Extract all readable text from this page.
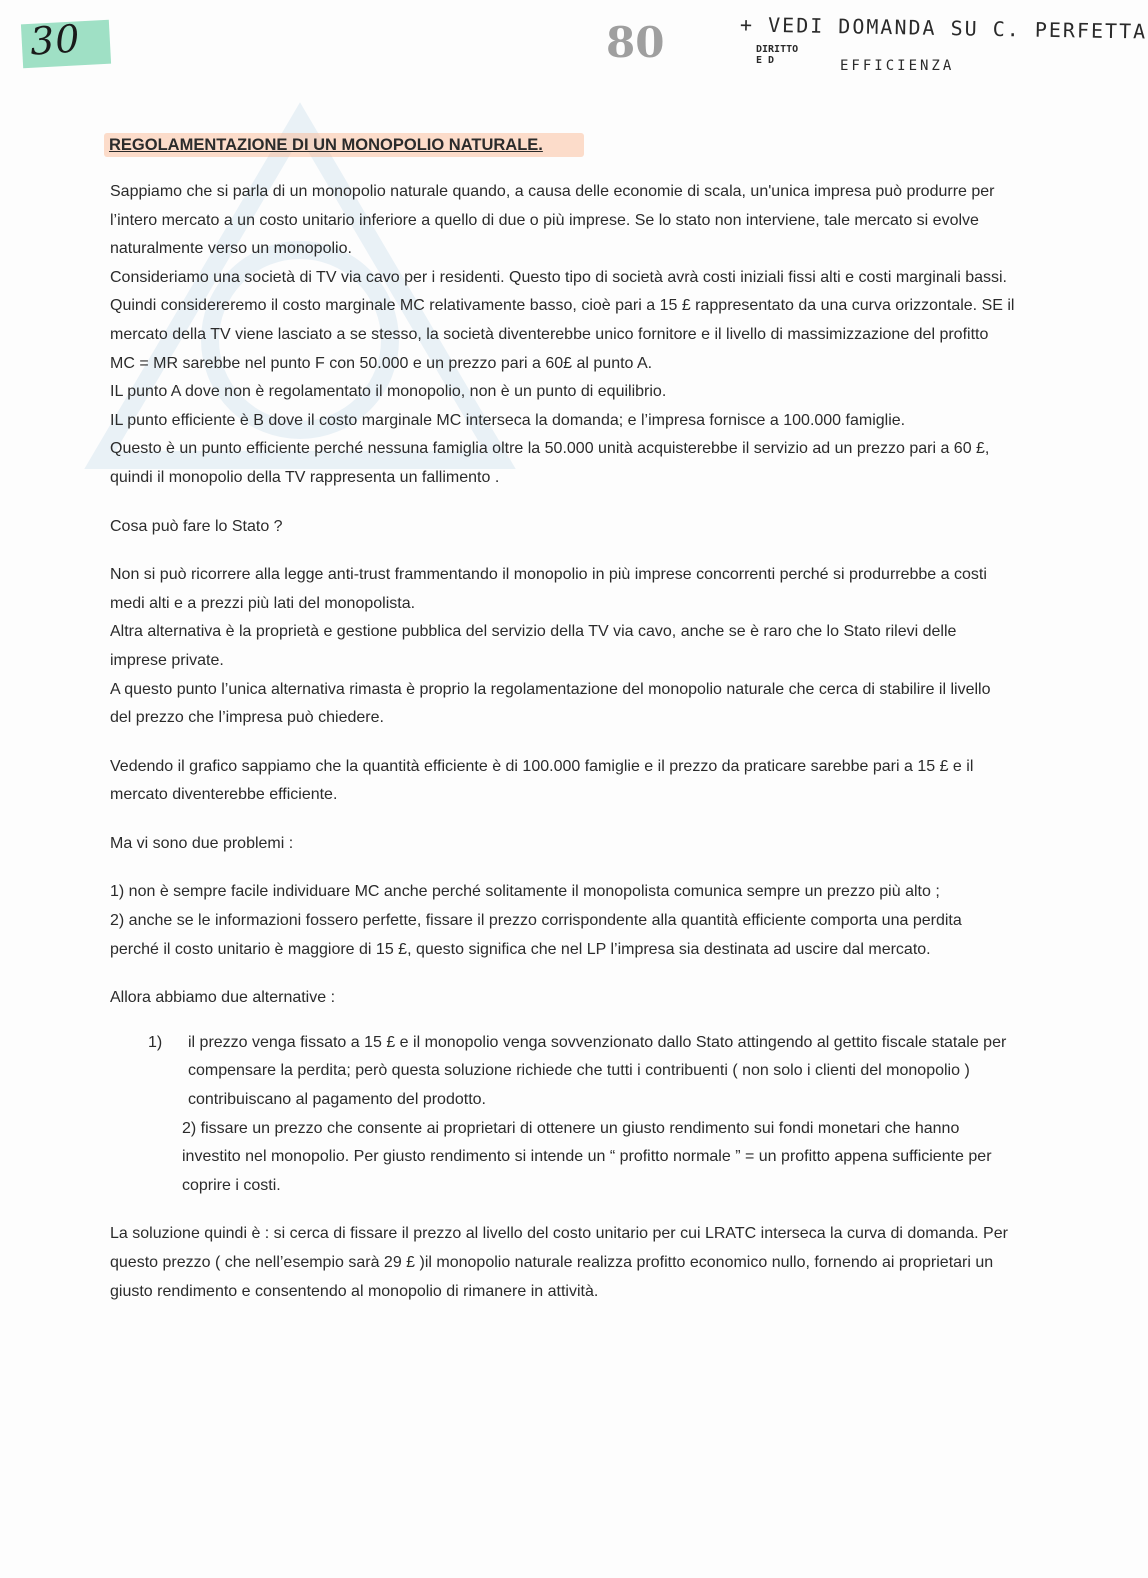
30	80	+ VEDI DOMANDA SU C. PERFETTA
DIRITTO
E D	EFFICIENZA
REGOLAMENTAZIONE DI UN MONOPOLIO NATURALE.

Sappiamo che si parla di un monopolio naturale quando, a causa delle economie di scala, un'unica impresa può produrre per l’intero mercato a un costo unitario inferiore a quello di due o più imprese. Se lo stato non interviene, tale mercato si evolve naturalmente verso un monopolio.

Consideriamo una società di TV via cavo per i residenti. Questo tipo di società avrà costi iniziali fissi alti e costi marginali bassi. Quindi considereremo il costo marginale MC relativamente basso, cioè pari a 15 £ rappresentato da una curva orizzontale. SE il mercato della TV viene lasciato a se stesso, la società diventerebbe unico fornitore e il livello di massimizzazione del profitto MC = MR sarebbe nel punto F con 50.000 e un prezzo pari a 60£ al punto A.

IL punto A dove non è regolamentato il monopolio, non è un punto di equilibrio.

IL punto efficiente è B dove il costo marginale MC interseca la domanda; e l’impresa fornisce a 100.000 famiglie.

Questo è un punto efficiente perché nessuna famiglia oltre la 50.000 unità acquisterebbe il servizio ad un prezzo pari a 60 £, quindi il monopolio della TV rappresenta un fallimento .

Cosa può fare lo Stato ?

Non si può ricorrere alla legge anti-trust frammentando il monopolio in più imprese concorrenti perché si produrrebbe a costi medi alti e a prezzi più lati del monopolista.

Altra alternativa è la proprietà e gestione pubblica del servizio della TV via cavo, anche se è raro che lo Stato rilevi delle imprese private.

A questo punto l’unica alternativa rimasta è proprio la regolamentazione del monopolio naturale che cerca di stabilire il livello del prezzo che l’impresa può chiedere.

Vedendo il grafico sappiamo che la quantità efficiente è di 100.000 famiglie e il prezzo da praticare sarebbe pari a 15 £ e il mercato diventerebbe efficiente.

Ma vi sono due problemi :

1) non è sempre facile individuare MC anche perché solitamente il monopolista comunica sempre un prezzo più alto ;

2) anche se le informazioni fossero perfette, fissare il prezzo corrispondente alla quantità efficiente comporta una perdita perché il costo unitario è maggiore di 15 £, questo significa che nel LP l’impresa sia destinata ad uscire dal mercato.

Allora abbiamo due alternative :

1)	il prezzo venga fissato a 15 £ e il monopolio venga sovvenzionato dallo Stato attingendo al gettito fiscale statale per compensare la perdita; però questa soluzione richiede che tutti i contribuenti ( non solo i clienti del monopolio ) contribuiscano al pagamento del prodotto.

2) fissare un prezzo che consente ai proprietari di ottenere un giusto rendimento sui fondi monetari che hanno investito nel monopolio. Per giusto rendimento si intende un “ profitto normale ” = un profitto appena sufficiente per coprire i costi.

La soluzione quindi è : si cerca di fissare il prezzo al livello del costo unitario per cui LRATC interseca la curva di domanda. Per questo prezzo ( che nell’esempio sarà 29 £ )il monopolio naturale realizza profitto economico nullo, fornendo ai proprietari un giusto rendimento e consentendo al monopolio di rimanere in attività.
